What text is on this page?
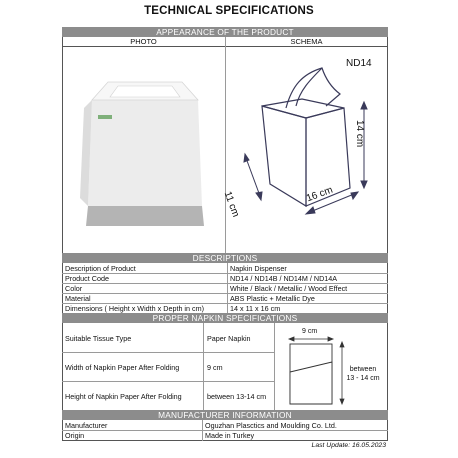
TECHNICAL SPECIFICATIONS
APPEARANCE OF THE PRODUCT
PHOTO	SCHEMA
ND14
14 cm
11 cm	16 cm
DESCRIPTIONS
Description of Product	Napkin Dispenser
Product Code	ND14 / ND14B / ND14M / ND14A
Color	White / Black / Metallic / Wood Effect
Material	ABS Plastic + Metallic Dye
Dimensions ( Height x Width x Depth in cm)	14 x 11 x 16 cm
PROPER NAPKIN SPECIFICATIONS
Suitable Tissue Type	Paper Napkin
Width of Napkin Paper After Folding	9 cm
Height of Napkin Paper After Folding	between 13-14 cm
9 cm
between
13 - 14 cm
MANUFACTURER INFORMATION
Manufacturer	Oguzhan Plasctics and Moulding Co. Ltd.
Origin	Made in Turkey
Last Update: 16.05.2023
